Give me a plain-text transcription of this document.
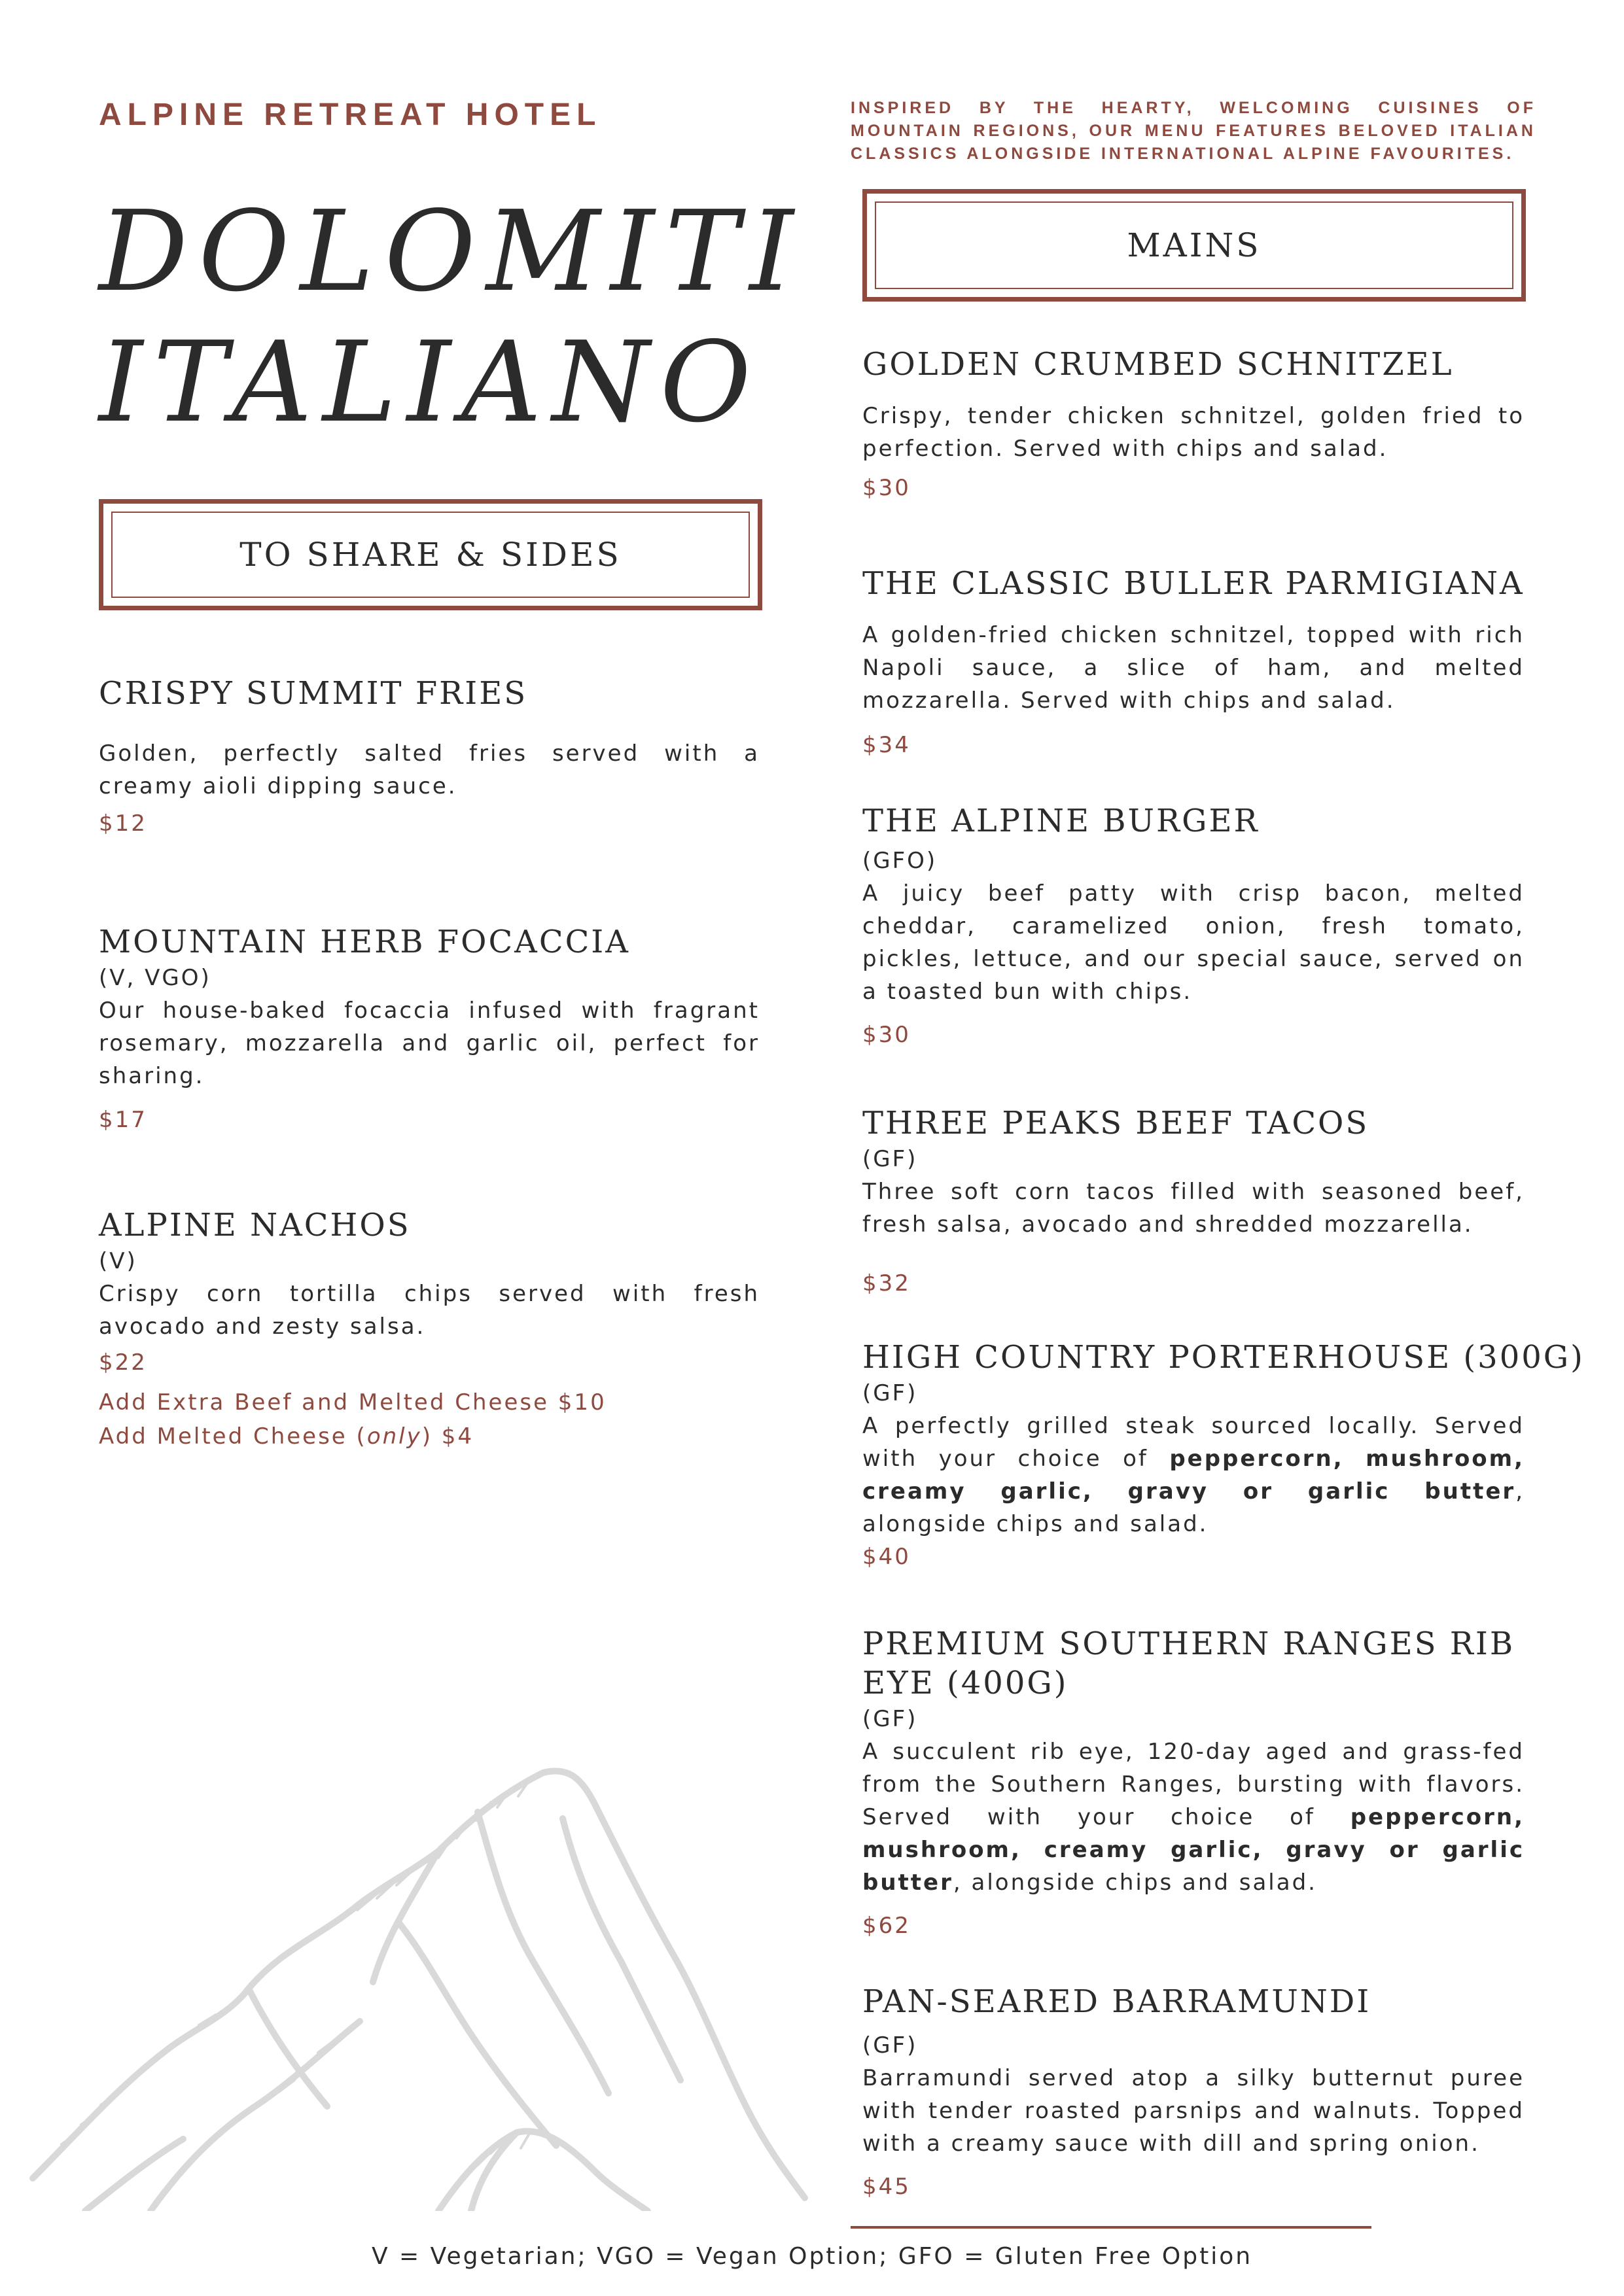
ALPINE RETREAT HOTEL	INSPIRED BY THE HEARTY, WELCOMING CUISINES OF MOUNTAIN REGIONS, OUR MENU FEATURES BELOVED ITALIAN CLASSICS ALONGSIDE INTERNATIONAL ALPINE FAVOURITES.
DOLOMITI
ITALIANO
TO SHARE & SIDES
MAINS
CRISPY SUMMIT FRIES
Golden, perfectly salted fries served with a creamy aioli dipping sauce.
$12
MOUNTAIN HERB FOCACCIA
(V, VGO)
Our house-baked focaccia infused with fragrant rosemary, mozzarella and garlic oil, perfect for sharing.
$17
ALPINE NACHOS
(V)
Crispy corn tortilla chips served with fresh avocado and zesty salsa.
$22
Add Extra Beef and Melted Cheese $10
Add Melted Cheese (only) $4
GOLDEN CRUMBED SCHNITZEL
Crispy, tender chicken schnitzel, golden fried to perfection. Served with chips and salad.
$30
THE CLASSIC BULLER PARMIGIANA
A golden-fried chicken schnitzel, topped with rich Napoli sauce, a slice of ham, and melted mozzarella. Served with chips and salad.
$34
THE ALPINE BURGER
(GFO)
A juicy beef patty with crisp bacon, melted cheddar, caramelized onion, fresh tomato, pickles, lettuce, and our special sauce, served on a toasted bun with chips.
$30
THREE PEAKS BEEF TACOS
(GF)
Three soft corn tacos filled with seasoned beef, fresh salsa, avocado and shredded mozzarella.
$32
HIGH COUNTRY PORTERHOUSE (300G)
(GF)
A perfectly grilled steak sourced locally. Served with your choice of peppercorn, mushroom, creamy garlic, gravy or garlic butter, alongside chips and salad.
$40
PREMIUM SOUTHERN RANGES RIB EYE (400G)
(GF)
A succulent rib eye, 120-day aged and grass-fed from the Southern Ranges, bursting with flavors. Served with your choice of peppercorn, mushroom, creamy garlic, gravy or garlic butter, alongside chips and salad.
$62
PAN-SEARED BARRAMUNDI
(GF)
Barramundi served atop a silky butternut puree with tender roasted parsnips and walnuts. Topped with a creamy sauce with dill and spring onion.
$45
V = Vegetarian; VGO = Vegan Option; GFO = Gluten Free Option
